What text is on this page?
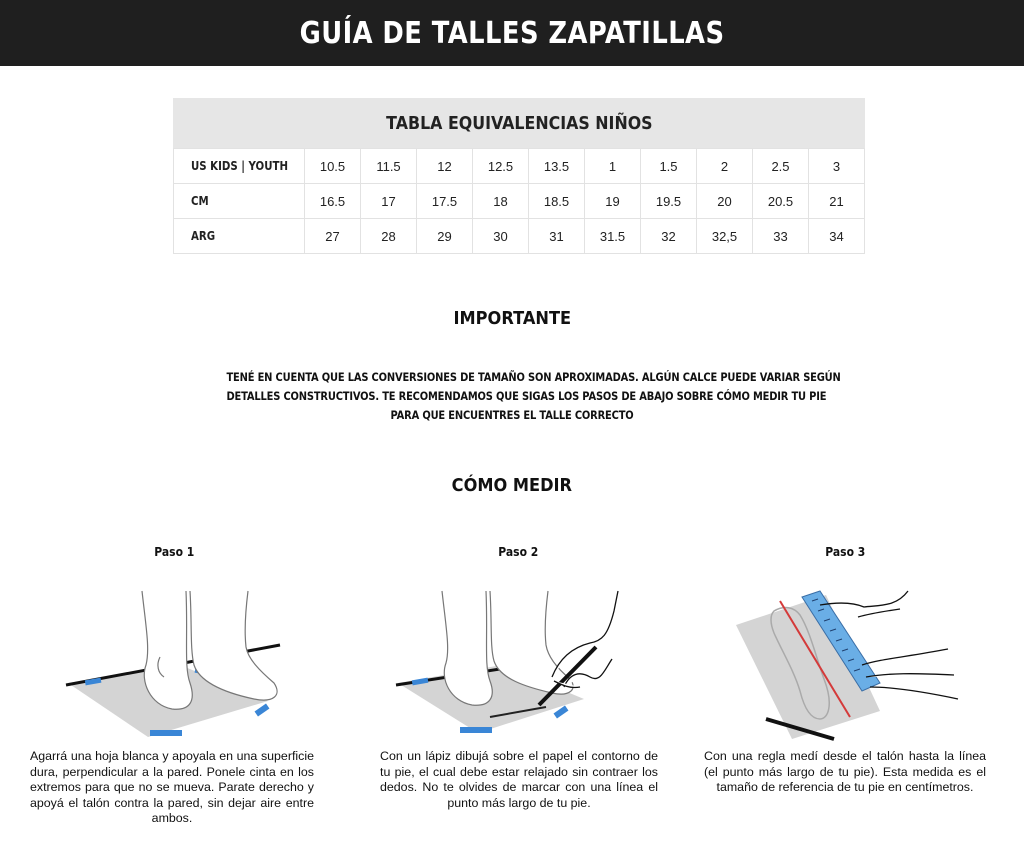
GUÍA DE TALLES ZAPATILLAS
TABLA EQUIVALENCIAS NIÑOS
US KIDS | YOUTH	10.5	11.5	12	12.5	13.5	1	1.5	2	2.5	3
CM	16.5	17	17.5	18	18.5	19	19.5	20	20.5	21
ARG	27	28	29	30	31	31.5	32	32,5	33	34
IMPORTANTE
TENÉ EN CUENTA QUE LAS CONVERSIONES DE TAMAÑO SON APROXIMADAS. ALGÚN CALCE PUEDE VARIAR SEGÚN
DETALLES CONSTRUCTIVOS. TE RECOMENDAMOS QUE SIGAS LOS PASOS DE ABAJO SOBRE CÓMO MEDIR TU PIE
PARA QUE ENCUENTRES EL TALLE CORRECTO
CÓMO MEDIR
Paso 1
Agarrá una hoja blanca y apoyala en una superficie dura, perpendicular a la pared. Ponele cinta en los extremos para que no se mueva. Parate derecho y apoyá el talón contra la pared, sin dejar aire entre ambos.
Paso 2
Con un lápiz dibujá sobre el papel el contorno de tu pie, el cual debe estar relajado sin contraer los dedos. No te olvides de marcar con una línea el punto más largo de tu pie.
Paso 3
Con una regla medí desde el talón hasta la línea (el punto más largo de tu pie). Esta medida es el tamaño de referencia de tu pie en centímetros.
